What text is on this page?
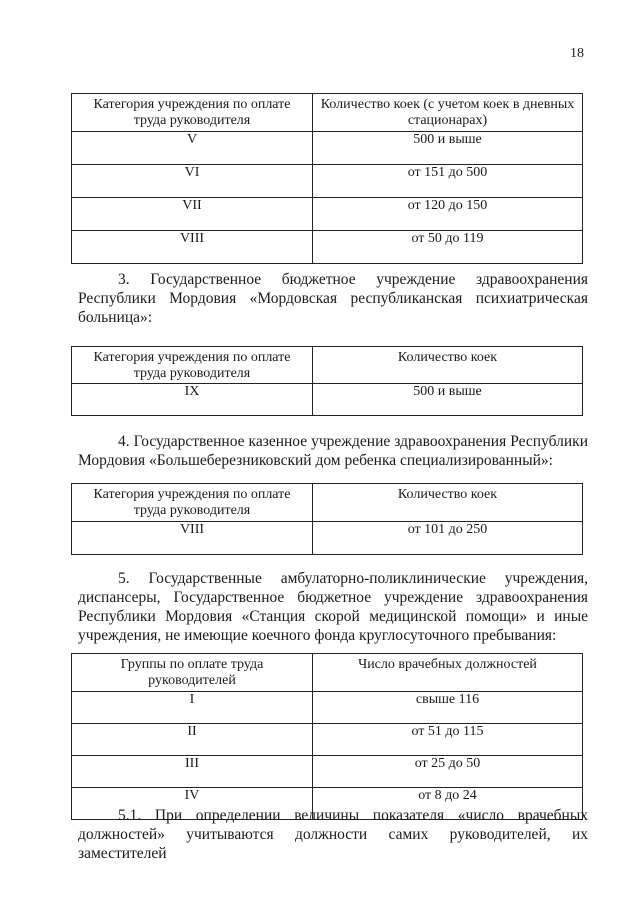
18
Категория учреждения по оплате труда руководителя	Количество коек (с учетом коек в дневных стационарах)
V	500 и выше
VI	от 151 до 500
VII	от 120 до 150
VIII	от 50 до 119

3. Государственное бюджетное учреждение здравоохранения Республики Мордовия «Мордовская республиканская психиатрическая больница»:

Категория учреждения по оплате труда руководителя	Количество коек
IX	500 и выше

4. Государственное казенное учреждение здравоохранения Республики Мордовия «Большеберезниковский дом ребенка специализированный»:

Категория учреждения по оплате труда руководителя	Количество коек
VIII	от 101 до 250

5. Государственные амбулаторно-поликлинические учреждения, диспансеры, Государственное бюджетное учреждение здравоохранения Республики Мордовия «Станция скорой медицинской помощи» и иные учреждения, не имеющие коечного фонда круглосуточного пребывания:

Группы по оплате труда руководителей	Число врачебных должностей
I	свыше 116
II	от 51 до 115
III	от 25 до 50
IV	от 8 до 24

5.1. При определении величины показателя «число врачебных должностей» учитываются должности самих руководителей, их заместителей
